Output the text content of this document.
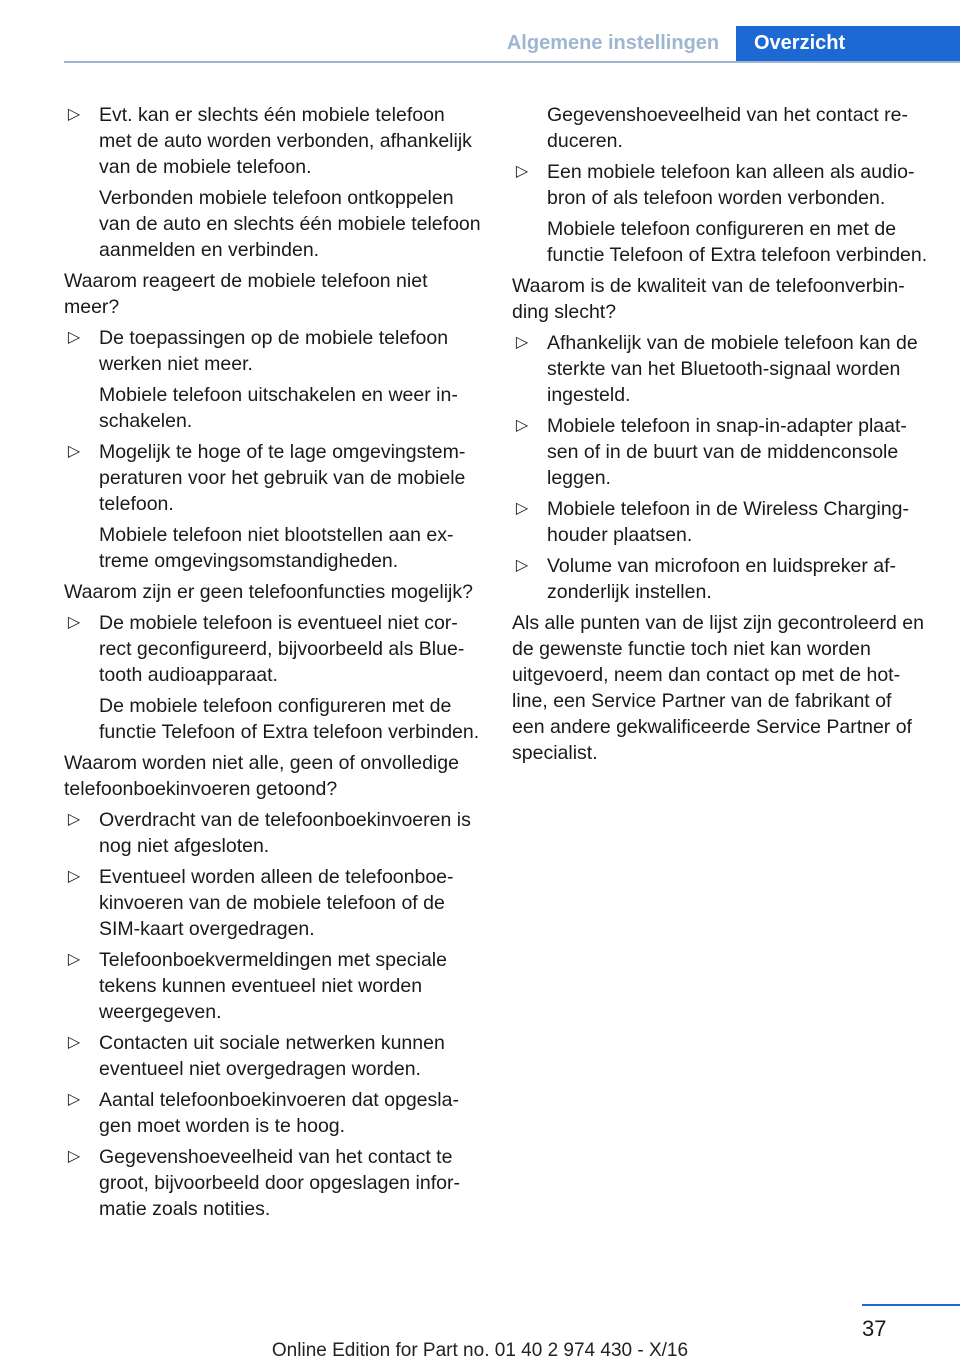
Algemene instellingen Overzicht
▷ Evt. kan er slechts één mobiele telefoon met de auto worden verbonden, afhankelijk van de mobiele telefoon.
Verbonden mobiele telefoon ontkoppelen van de auto en slechts één mobiele telefoon aanmelden en verbinden.
Waarom reageert de mobiele telefoon niet meer?
▷ De toepassingen op de mobiele telefoon werken niet meer.
Mobiele telefoon uitschakelen en weer inschakelen.
▷ Mogelijk te hoge of te lage omgevingstemperaturen voor het gebruik van de mobiele telefoon.
Mobiele telefoon niet blootstellen aan extreme omgevingsomstandigheden.
Waarom zijn er geen telefoonfuncties mogelijk?
▷ De mobiele telefoon is eventueel niet correct geconfigureerd, bijvoorbeeld als Bluetooth audioapparaat.
De mobiele telefoon configureren met de functie Telefoon of Extra telefoon verbinden.
Waarom worden niet alle, geen of onvolledige telefoonboekinvoeren getoond?
▷ Overdracht van de telefoonboekinvoeren is nog niet afgesloten.
▷ Eventueel worden alleen de telefoonboekinvoeren van de mobiele telefoon of de SIM-kaart overgedragen.
▷ Telefoonboekvermeldingen met speciale tekens kunnen eventueel niet worden weergegeven.
▷ Contacten uit sociale netwerken kunnen eventueel niet overgedragen worden.
▷ Aantal telefoonboekinvoeren dat opgeslagen moet worden is te hoog.
▷ Gegevenshoeveelheid van het contact te groot, bijvoorbeeld door opgeslagen informatie zoals notities.
Gegevenshoeveelheid van het contact reduceren.
▷ Een mobiele telefoon kan alleen als audiobron of als telefoon worden verbonden.
Mobiele telefoon configureren en met de functie Telefoon of Extra telefoon verbinden.
Waarom is de kwaliteit van de telefoonverbinding slecht?
▷ Afhankelijk van de mobiele telefoon kan de sterkte van het Bluetooth-signaal worden ingesteld.
▷ Mobiele telefoon in snap-in-adapter plaatsen of in de buurt van de middenconsole leggen.
▷ Mobiele telefoon in de Wireless Charging-houder plaatsen.
▷ Volume van microfoon en luidspreker afzonderlijk instellen.
Als alle punten van de lijst zijn gecontroleerd en de gewenste functie toch niet kan worden uitgevoerd, neem dan contact op met de hotline, een Service Partner van de fabrikant of een andere gekwalificeerde Service Partner of specialist.
37
Online Edition for Part no. 01 40 2 974 430 - X/16
